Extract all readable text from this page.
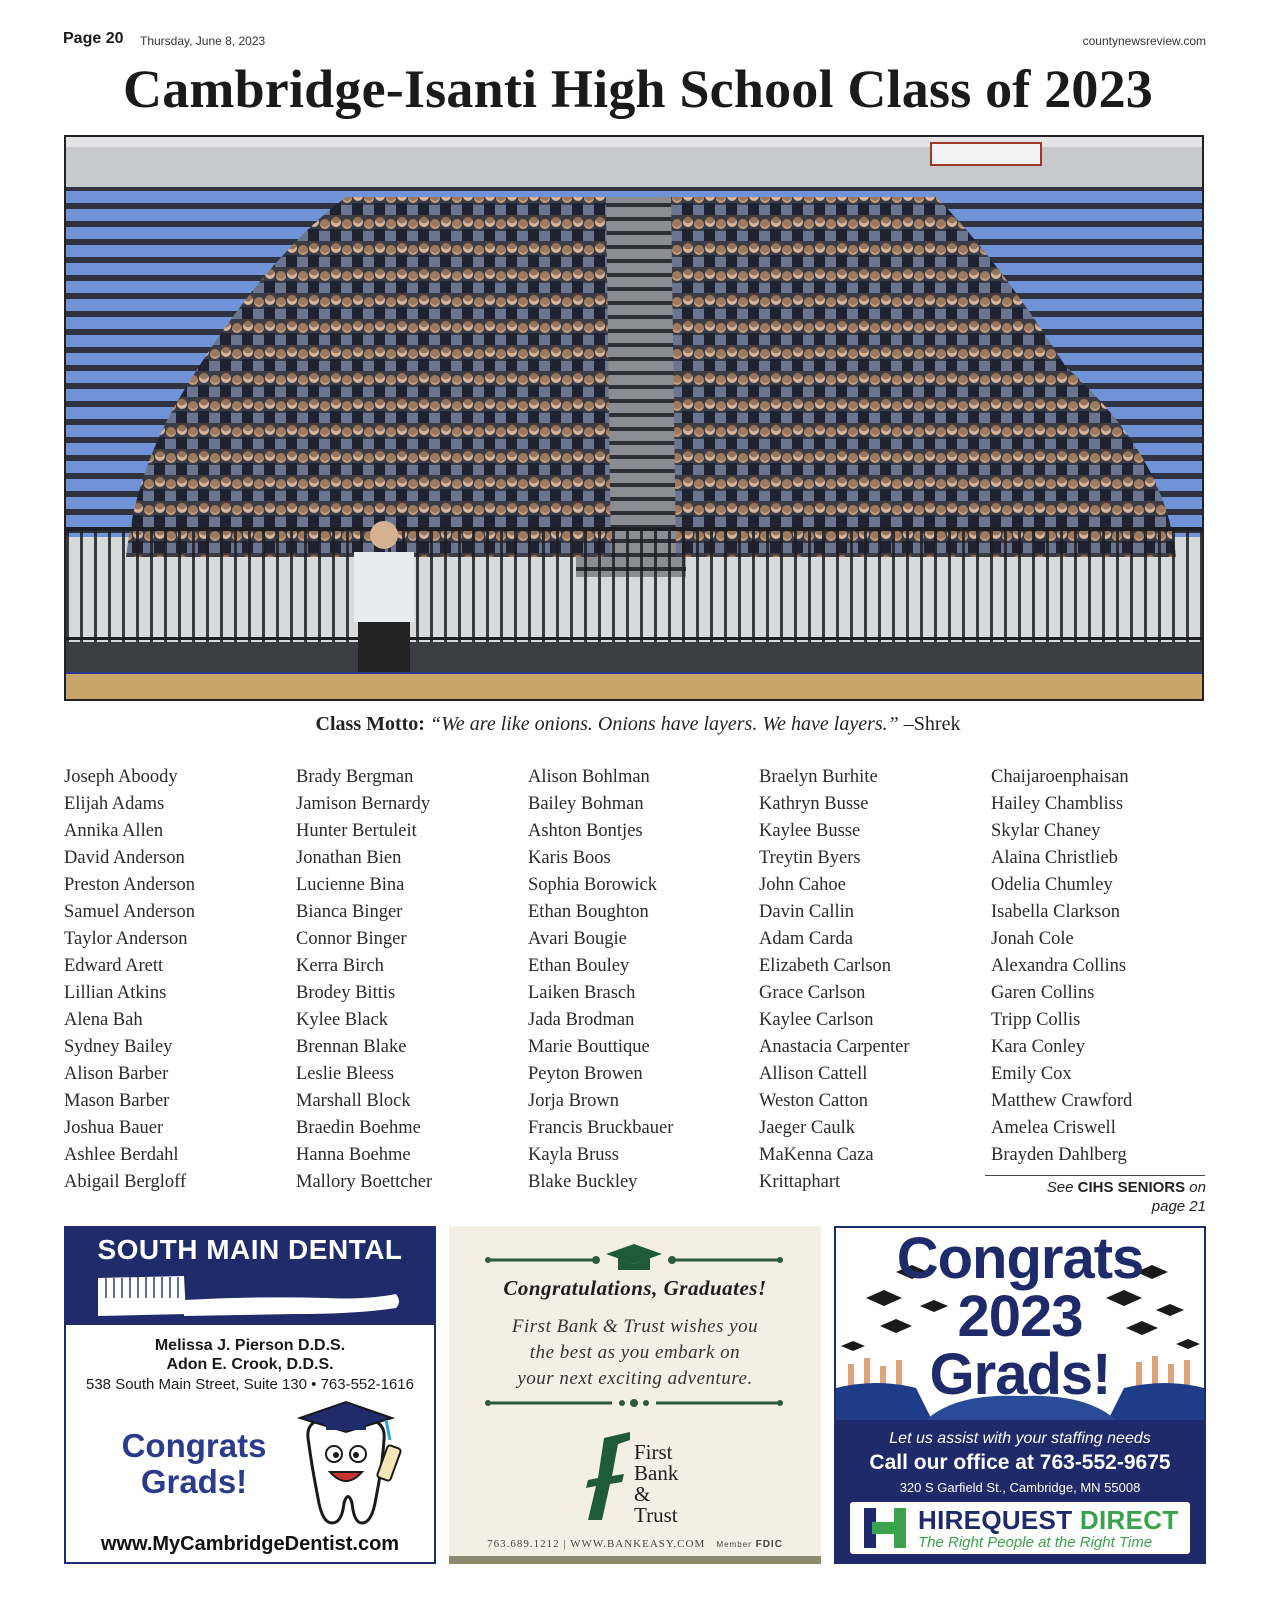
Page 20 Thursday, June 8, 2023	countynewsreview.com
Cambridge-Isanti High School Class of 2023
Class Motto: “We are like onions. Onions have layers. We have layers.” –Shrek
Joseph Aboody
Elijah Adams
Annika Allen
David Anderson
Preston Anderson
Samuel Anderson
Taylor Anderson
Edward Arett
Lillian Atkins
Alena Bah
Sydney Bailey
Alison Barber
Mason Barber
Joshua Bauer
Ashlee Berdahl
Abigail Bergloff
Brady Bergman
Jamison Bernardy
Hunter Bertuleit
Jonathan Bien
Lucienne Bina
Bianca Binger
Connor Binger
Kerra Birch
Brodey Bittis
Kylee Black
Brennan Blake
Leslie Bleess
Marshall Block
Braedin Boehme
Hanna Boehme
Mallory Boettcher
Alison Bohlman
Bailey Bohman
Ashton Bontjes
Karis Boos
Sophia Borowick
Ethan Boughton
Avari Bougie
Ethan Bouley
Laiken Brasch
Jada Brodman
Marie Bouttique
Peyton Browen
Jorja Brown
Francis Bruckbauer
Kayla Bruss
Blake Buckley
Braelyn Burhite
Kathryn Busse
Kaylee Busse
Treytin Byers
John Cahoe
Davin Callin
Adam Carda
Elizabeth Carlson
Grace Carlson
Kaylee Carlson
Anastacia Carpenter
Allison Cattell
Weston Catton
Jaeger Caulk
MaKenna Caza
Krittaphart
Chaijaroenphaisan
Hailey Chambliss
Skylar Chaney
Alaina Christlieb
Odelia Chumley
Isabella Clarkson
Jonah Cole
Alexandra Collins
Garen Collins
Tripp Collis
Kara Conley
Emily Cox
Matthew Crawford
Amelea Criswell
Brayden Dahlberg
See CIHS SENIORS on
page 21
SOUTH MAIN DENTAL
Melissa J. Pierson D.D.S.
Adon E. Crook, D.D.S.
538 South Main Street, Suite 130 • 763-552-1616
Congrats
Grads!
www.MyCambridgeDentist.com
Congratulations, Graduates!
First Bank & Trust wishes you
the best as you embark on
your next exciting adventure.
First
Bank &
Trust
763.689.1212 | WWW.BANKEASY.COM Member FDIC
Congrats
2023
Grads!
Let us assist with your staffing needs
Call our office at 763-552-9675
320 S Garfield St., Cambridge, MN 55008
HIREQUEST DIRECT
The Right People at the Right Time
